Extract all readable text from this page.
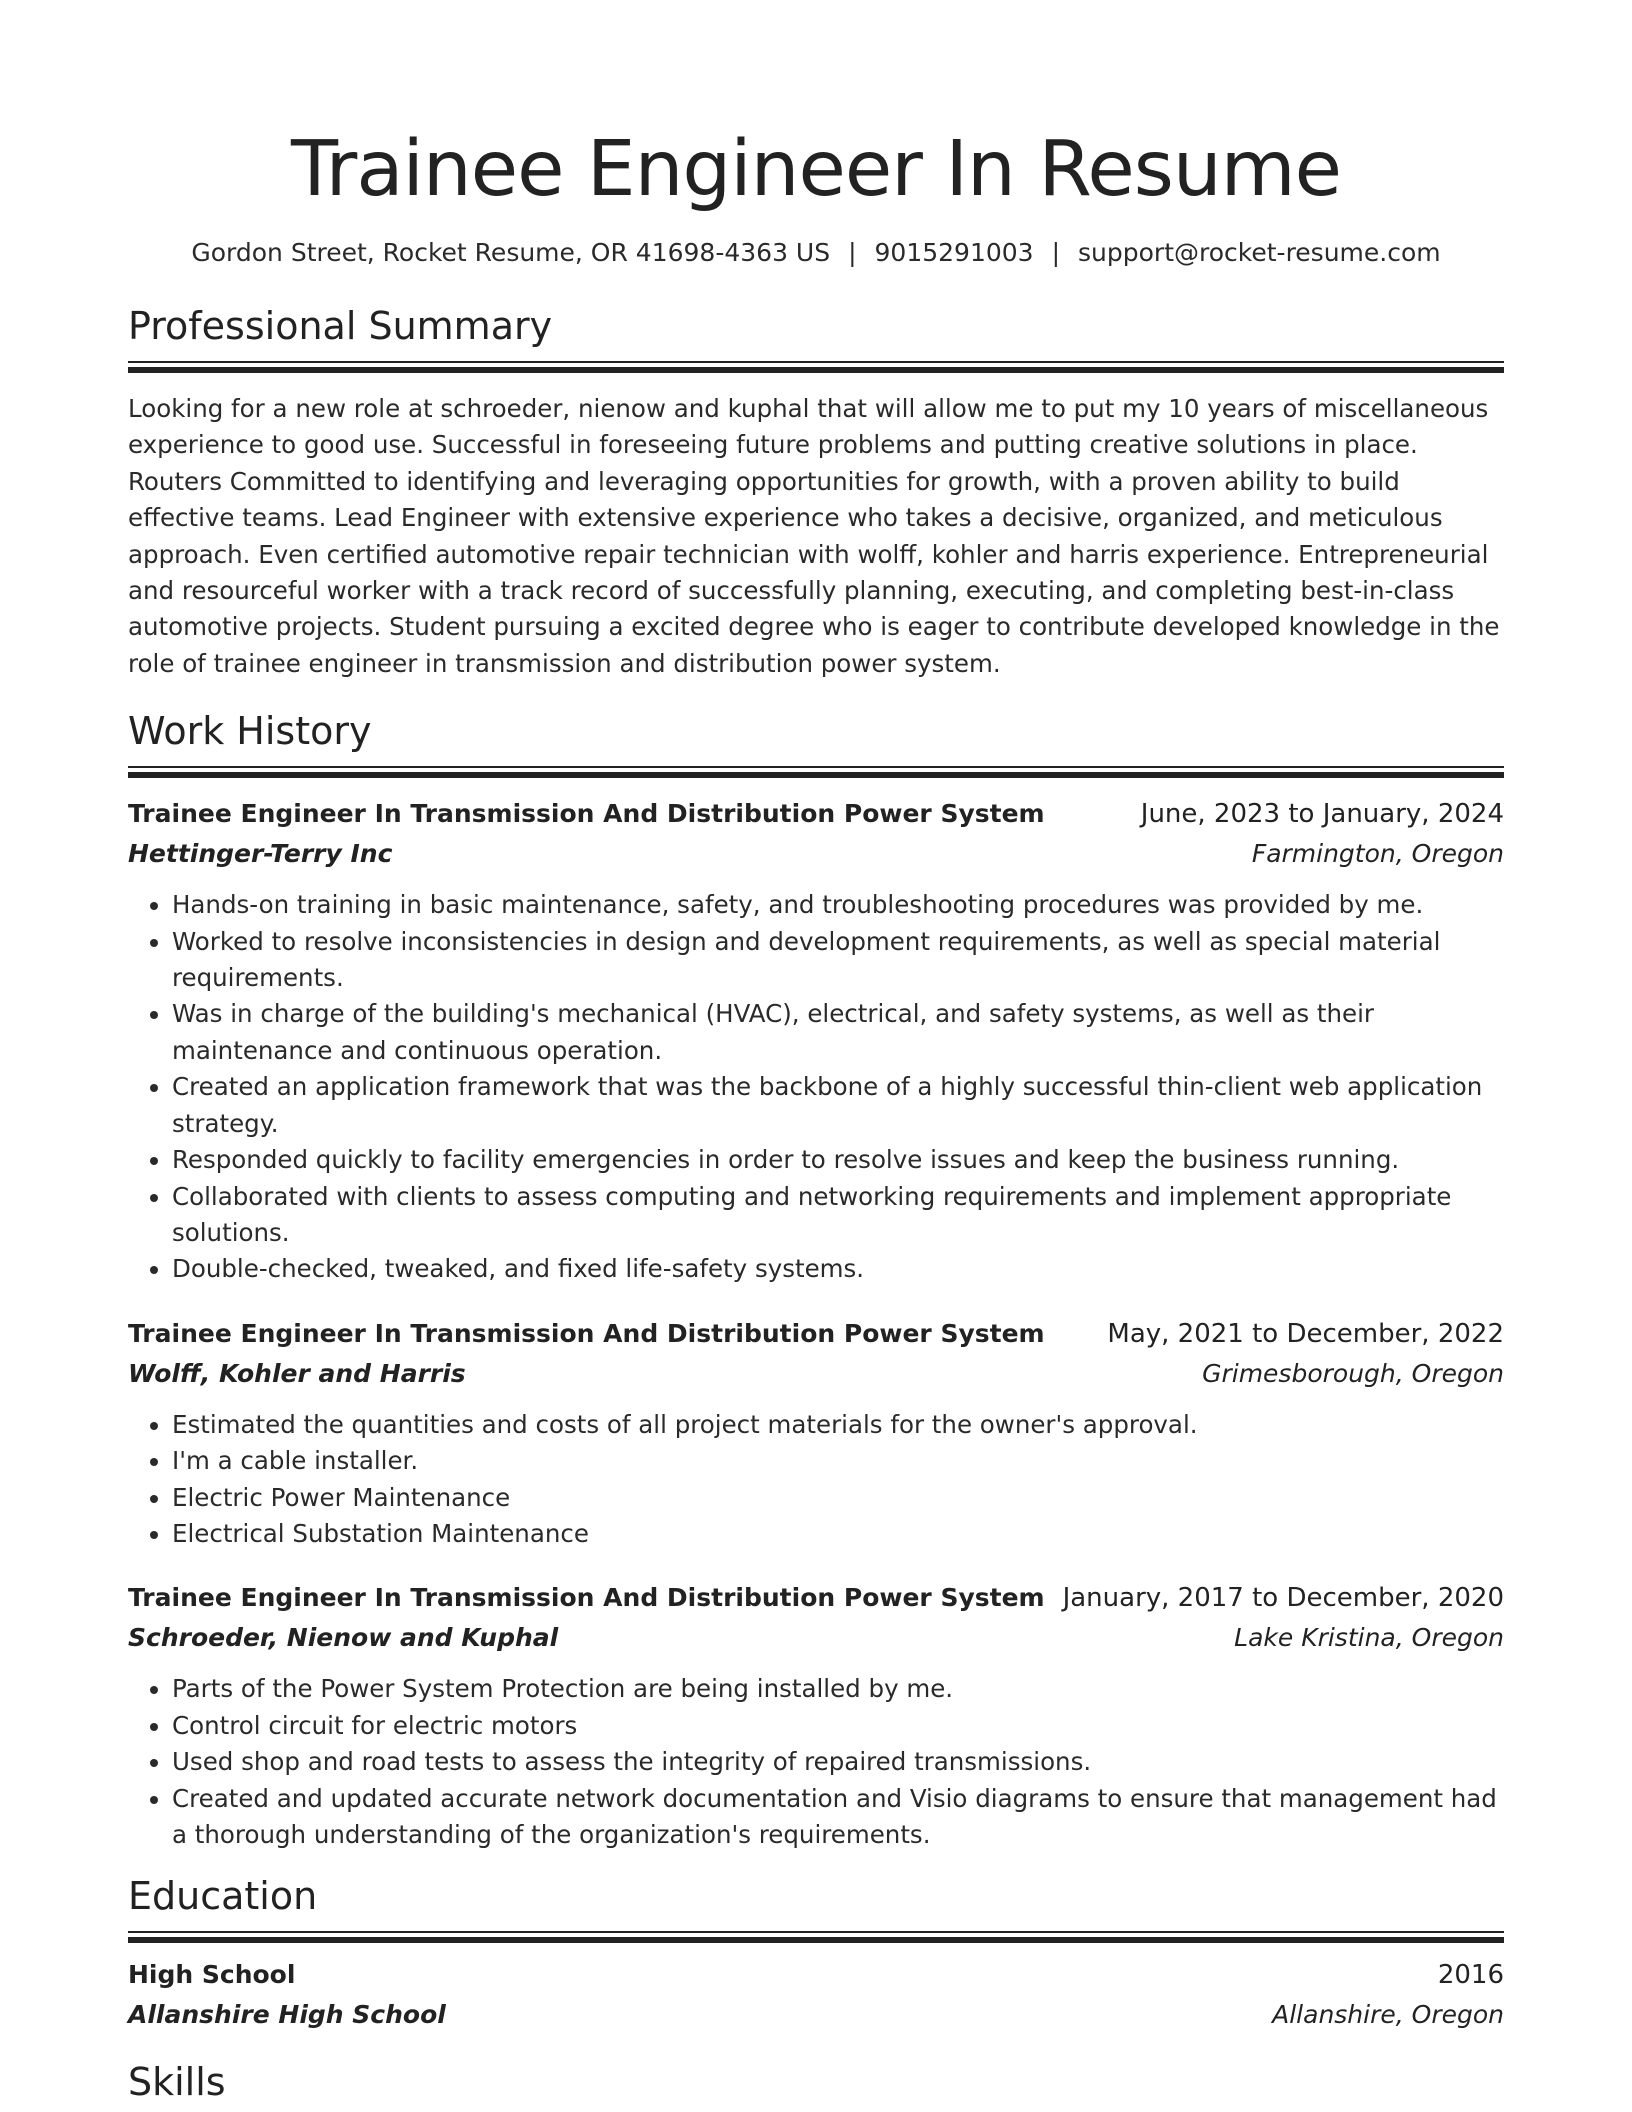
Trainee Engineer In Resume
Gordon Street, Rocket Resume, OR 41698-4363 US | 9015291003 | support@rocket-resume.com
Professional Summary

Looking for a new role at schroeder, nienow and kuphal that will allow me to put my 10 years of miscellaneous experience to good use. Successful in foreseeing future problems and putting creative solutions in place. Routers Committed to identifying and leveraging opportunities for growth, with a proven ability to build effective teams. Lead Engineer with extensive experience who takes a decisive, organized, and meticulous approach. Even certified automotive repair technician with wolff, kohler and harris experience. Entrepreneurial and resourceful worker with a track record of successfully planning, executing, and completing best-in-class automotive projects. Student pursuing a excited degree who is eager to contribute developed knowledge in the role of trainee engineer in transmission and distribution power system.

Work History
Trainee Engineer In Transmission And Distribution Power System	June, 2023 to January, 2024
Hettinger-Terry Inc	Farmington, Oregon
• Hands-on training in basic maintenance, safety, and troubleshooting procedures was provided by me.
• Worked to resolve inconsistencies in design and development requirements, as well as special material requirements.
• Was in charge of the building's mechanical (HVAC), electrical, and safety systems, as well as their maintenance and continuous operation.
• Created an application framework that was the backbone of a highly successful thin-client web application strategy.
• Responded quickly to facility emergencies in order to resolve issues and keep the business running.
• Collaborated with clients to assess computing and networking requirements and implement appropriate solutions.
• Double-checked, tweaked, and fixed life-safety systems.
Trainee Engineer In Transmission And Distribution Power System May, 2021 to December, 2022
Wolff, Kohler and Harris	Grimesborough, Oregon
• Estimated the quantities and costs of all project materials for the owner's approval.
• I'm a cable installer.
• Electric Power Maintenance
• Electrical Substation Maintenance
Trainee Engineer In Transmission And Distribution Power System January, 2017 to December, 2020
Schroeder, Nienow and Kuphal	Lake Kristina, Oregon
• Parts of the Power System Protection are being installed by me.
• Control circuit for electric motors
• Used shop and road tests to assess the integrity of repaired transmissions.
• Created and updated accurate network documentation and Visio diagrams to ensure that management had a thorough understanding of the organization's requirements.
Education
High School	2016
Allanshire High School	Allanshire, Oregon
Skills
